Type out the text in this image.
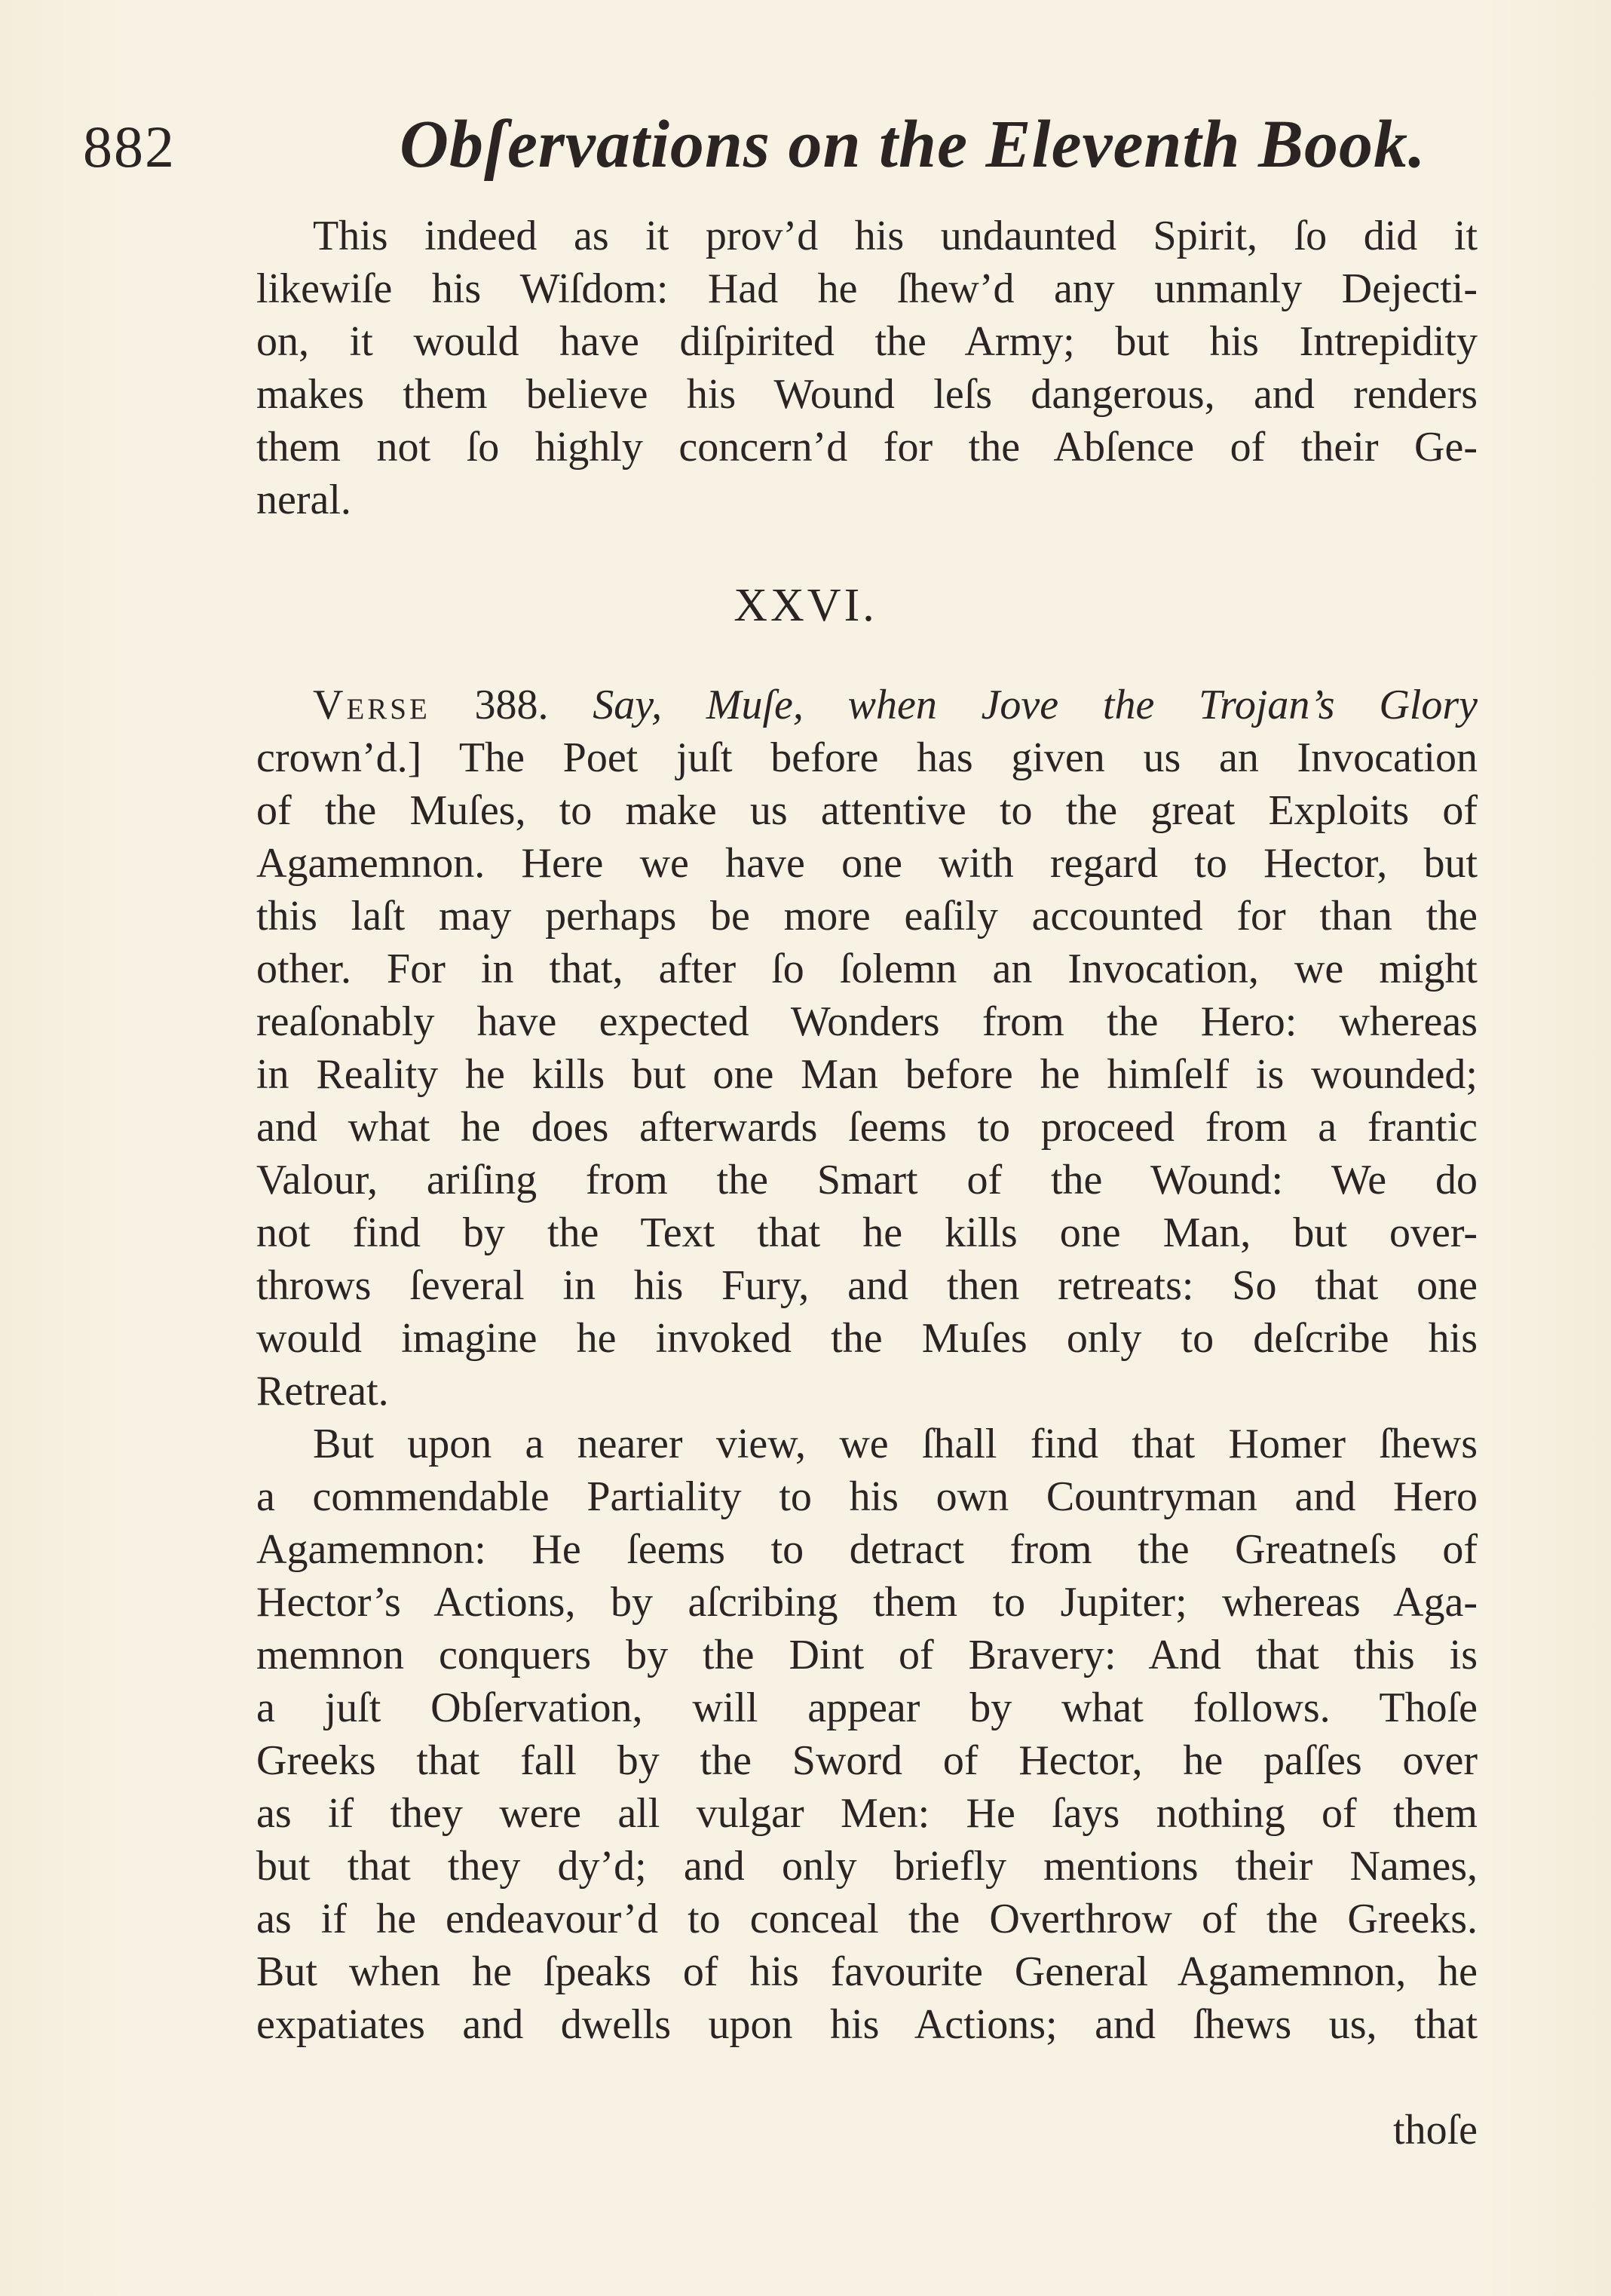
882	Obſervations on the Eleventh Book.
This indeed as it prov’d his undaunted Spirit, ſo did it
likewiſe his Wiſdom: Had he ſhew’d any unmanly Dejecti-
on, it would have diſpirited the Army; but his Intrepidity
makes them believe his Wound leſs dangerous, and renders
them not ſo highly concern’d for the Abſence of their Ge-
neral.
XXVI.
Verse 388. Say, Muſe, when Jove the Trojan’s Glory
crown’d.] The Poet juſt before has given us an Invocation
of the Muſes, to make us attentive to the great Exploits of
Agamemnon. Here we have one with regard to Hector, but
this laſt may perhaps be more eaſily accounted for than the
other. For in that, after ſo ſolemn an Invocation, we might
reaſonably have expected Wonders from the Hero: whereas
in Reality he kills but one Man before he himſelf is wounded;
and what he does afterwards ſeems to proceed from a frantic
Valour, ariſing from the Smart of the Wound: We do
not find by the Text that he kills one Man, but over-
throws ſeveral in his Fury, and then retreats: So that one
would imagine he invoked the Muſes only to deſcribe his
Retreat.
But upon a nearer view, we ſhall find that Homer ſhews
a commendable Partiality to his own Countryman and Hero
Agamemnon: He ſeems to detract from the Greatneſs of
Hector’s Actions, by aſcribing them to Jupiter; whereas Aga-
memnon conquers by the Dint of Bravery: And that this is
a juſt Obſervation, will appear by what follows. Thoſe
Greeks that fall by the Sword of Hector, he paſſes over
as if they were all vulgar Men: He ſays nothing of them
but that they dy’d; and only briefly mentions their Names,
as if he endeavour’d to conceal the Overthrow of the Greeks.
But when he ſpeaks of his favourite General Agamemnon, he
expatiates and dwells upon his Actions; and ſhews us, that
thoſe
